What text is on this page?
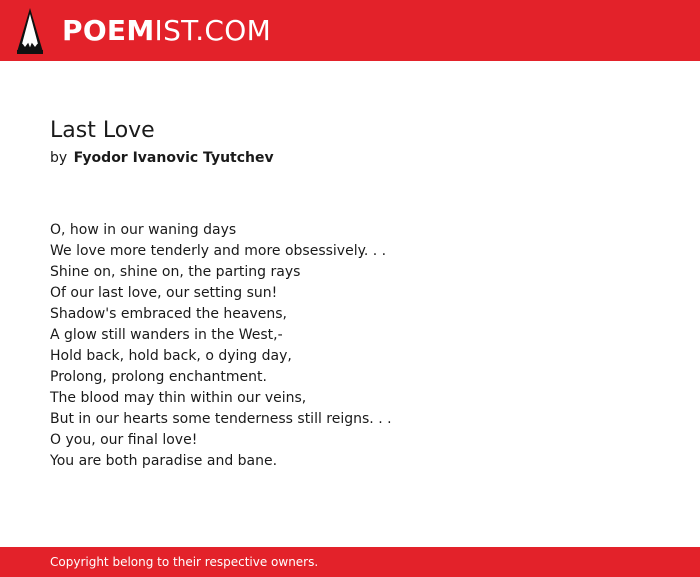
POEMIST.COM
Last Love
by Fyodor Ivanovic Tyutchev
O, how in our waning days
We love more tenderly and more obsessively. . .
Shine on, shine on, the parting rays
Of our last love, our setting sun!
Shadow's embraced the heavens,
A glow still wanders in the West,-
Hold back, hold back, o dying day,
Prolong, prolong enchantment.
The blood may thin within our veins,
But in our hearts some tenderness still reigns. . .
O you, our final love!
You are both paradise and bane.
Copyright belong to their respective owners.
